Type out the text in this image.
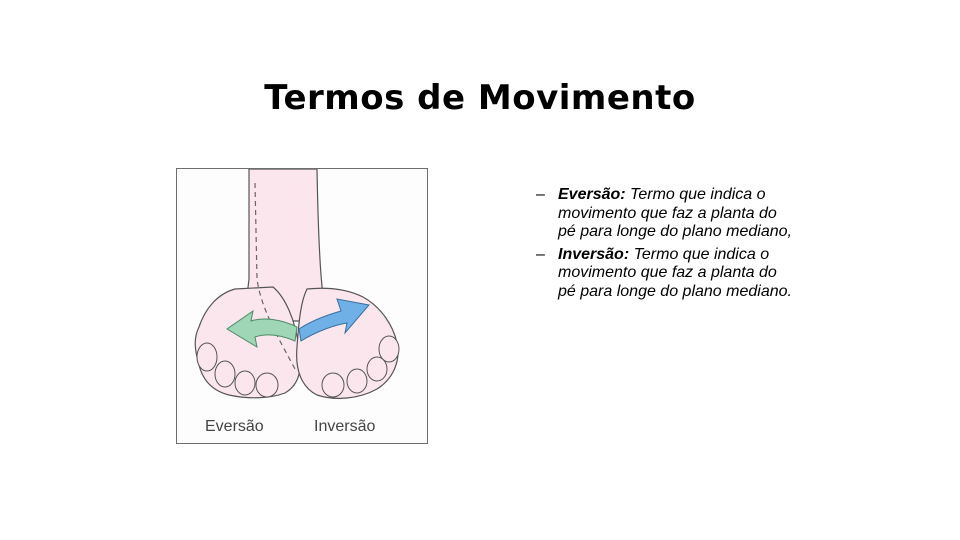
Termos de Movimento
Eversão	Inversão
– Eversão: Termo que indica o movimento que faz a planta do pé para longe do plano mediano,
– Inversão: Termo que indica o movimento que faz a planta do pé para longe do plano mediano.
